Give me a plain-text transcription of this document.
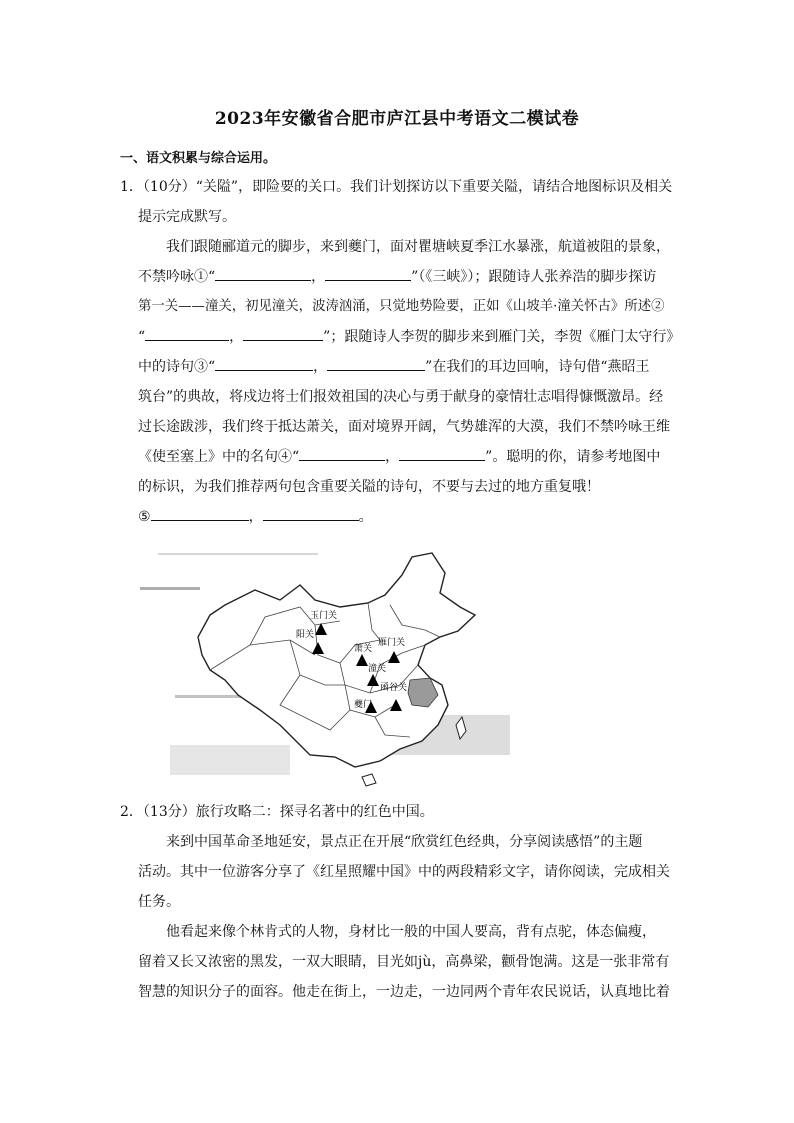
2023年安徽省合肥市庐江县中考语文二模试卷
一、语文积累与综合运用。
1．（10分）“关隘”，即险要的关口。我们计划探访以下重要关隘，请结合地图标识及相关
提示完成默写。
我们跟随郦道元的脚步，来到夔门，面对瞿塘峡夏季江水暴涨，航道被阻的景象，
不禁吟咏①“	，	”（《三峡》）；跟随诗人张养浩的脚步探访
第一关——潼关，初见潼关，波涛汹涌，只觉地势险要，正如《山坡羊·潼关怀古》所述②
“	，	”；跟随诗人李贺的脚步来到雁门关，李贺《雁门太守行》
中的诗句③“	，	”在我们的耳边回响，诗句借“燕昭王
筑台”的典故，将戍边将士们报效祖国的决心与勇于献身的豪情壮志唱得慷慨激昂。经
过长途跋涉，我们终于抵达萧关，面对境界开阔，气势雄浑的大漠，我们不禁吟咏王维
《使至塞上》中的名句④“	，	”。聪明的你，请参考地图中
的标识，为我们推荐两句包含重要关隘的诗句，不要与去过的地方重复哦！
⑤	，	。
玉门关
阳关
萧关
雁门关
潼关
夔门
函谷关
2．（13分）旅行攻略二：探寻名著中的红色中国。
来到中国革命圣地延安，景点正在开展“欣赏红色经典，分享阅读感悟”的主题
活动。其中一位游客分享了《红星照耀中国》中的两段精彩文字，请你阅读，完成相关
任务。
他看起来像个林肯式的人物，身材比一般的中国人要高，背有点驼，体态偏瘦，
留着又长又浓密的黑发，一双大眼睛，目光如jù，高鼻梁，颧骨饱满。这是一张非常有
智慧的知识分子的面容。他走在街上，一边走，一边同两个青年农民说话，认真地比着
